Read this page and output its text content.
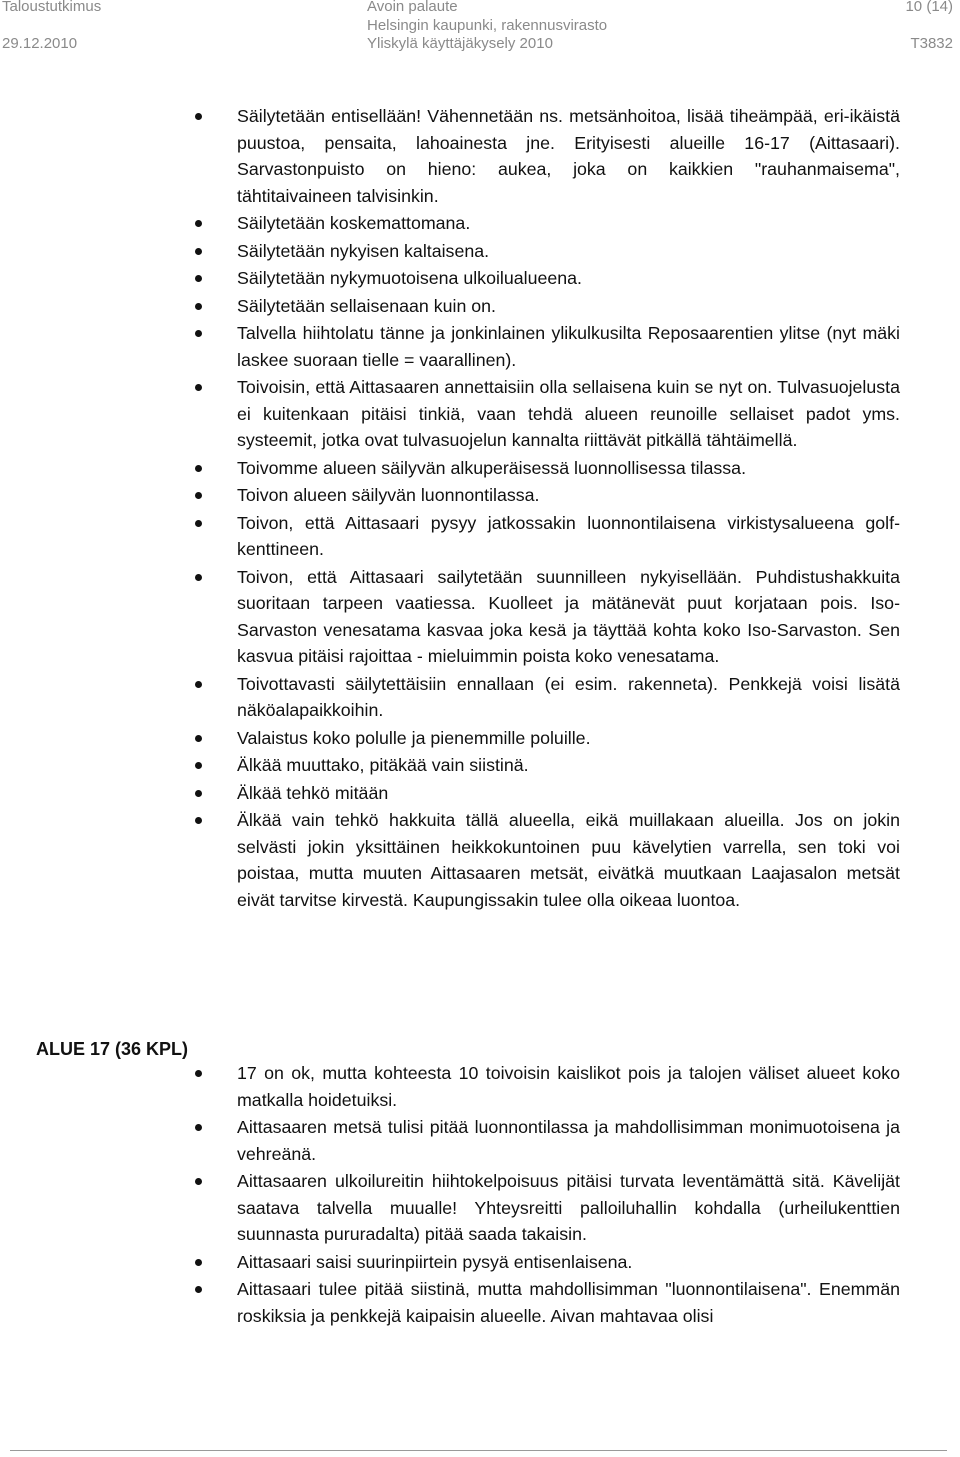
Taloustutkimus
29.12.2010
Avoin palaute
Helsingin kaupunki, rakennusvirasto
Yliskylä käyttäjäkysely 2010
10 (14)
T3832
Säilytetään entisellään! Vähennetään ns. metsänhoitoa, lisää tiheämpää, eri-ikäistä puustoa, pensaita, lahoainesta jne. Erityisesti alueille 16-17 (Aittasaari). Sarvastonpuisto on hieno: aukea, joka on kaikkien "rauhanmaisema", tähtitaivaineen talvisinkin.
Säilytetään koskemattomana.
Säilytetään nykyisen kaltaisena.
Säilytetään nykymuotoisena ulkoilualueena.
Säilytetään sellaisenaan kuin on.
Talvella hiihtolatu tänne ja jonkinlainen ylikulkusilta Reposaarentien ylitse (nyt mäki laskee suoraan tielle = vaarallinen).
Toivoisin, että Aittasaaren annettaisiin olla sellaisena kuin se nyt on. Tulvasuojelusta ei kuitenkaan pitäisi tinkiä, vaan tehdä alueen reunoille sellaiset padot yms. systeemit, jotka ovat tulvasuojelun kannalta riittävät pitkällä tähtäimellä.
Toivomme alueen säilyvän alkuperäisessä luonnollisessa tilassa.
Toivon alueen säilyvän luonnontilassa.
Toivon, että Aittasaari pysyy jatkossakin luonnontilaisena virkistysalueena golf-kenttineen.
Toivon, että Aittasaari sailytetään suunnilleen nykyisellään. Puhdistushakkuita suoritaan tarpeen vaatiessa. Kuolleet ja mätänevät puut korjataan pois. Iso-Sarvaston venesatama kasvaa joka kesä ja täyttää kohta koko Iso-Sarvaston. Sen kasvua pitäisi rajoittaa - mieluimmin poista koko venesatama.
Toivottavasti säilytettäisiin ennallaan (ei esim. rakenneta). Penkkejä voisi lisätä näköalapaikkoihin.
Valaistus koko polulle ja pienemmille poluille.
Älkää muuttako, pitäkää vain siistinä.
Älkää tehkö mitään
Älkää vain tehkö hakkuita tällä alueella, eikä muillakaan alueilla. Jos on jokin selvästi jokin yksittäinen heikkokuntoinen puu kävelytien varrella, sen toki voi poistaa, mutta muuten Aittasaaren metsät, eivätkä muutkaan Laajasalon metsät eivät tarvitse kirvestä. Kaupungissakin tulee olla oikeaa luontoa.
ALUE 17 (36 KPL)
17 on ok, mutta kohteesta 10 toivoisin kaislikot pois ja talojen väliset alueet koko matkalla hoidetuiksi.
Aittasaaren metsä tulisi pitää luonnontilassa ja mahdollisimman monimuotoisena ja vehreänä.
Aittasaaren ulkoilureitin hiihtokelpoisuus pitäisi turvata leventämättä sitä. Kävelijät saatava talvella muualle! Yhteysreitti palloiluhallin kohdalla (urheilukenttien suunnasta pururadalta) pitää saada takaisin.
Aittasaari saisi suurinpiirtein pysyä entisenlaisena.
Aittasaari tulee pitää siistinä, mutta mahdollisimman "luonnontilaisena". Enemmän roskiksia ja penkkejä kaipaisin alueelle. Aivan mahtavaa olisi
